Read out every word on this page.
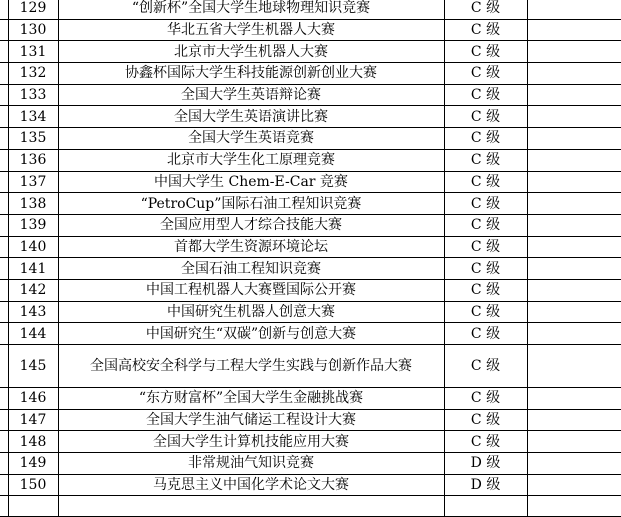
	129	“创新杯”全国大学生地球物理知识竞赛	C 级	
	130	华北五省大学生机器人大赛	C 级	
	131	北京市大学生机器人大赛	C 级	
	132	协鑫杯国际大学生科技能源创新创业大赛	C 级	
	133	全国大学生英语辩论赛	C 级	
	134	全国大学生英语演讲比赛	C 级	
	135	全国大学生英语竞赛	C 级	
	136	北京市大学生化工原理竞赛	C 级	
	137	中国大学生 Chem-E-Car 竞赛	C 级	
	138	“PetroCup”国际石油工程知识竞赛	C 级	
	139	全国应用型人才综合技能大赛	C 级	
	140	首都大学生资源环境论坛	C 级	
	141	全国石油工程知识竞赛	C 级	
	142	中国工程机器人大赛暨国际公开赛	C 级	
	143	中国研究生机器人创意大赛	C 级	
	144	中国研究生“双碳”创新与创意大赛	C 级	
	145	全国高校安全科学与工程大学生实践与创新作品大赛	C 级	
	146	“东方财富杯”全国大学生金融挑战赛	C 级	
	147	全国大学生油气储运工程设计大赛	C 级	
	148	全国大学生计算机技能应用大赛	C 级	
	149	非常规油气知识竞赛	D 级	
	150	马克思主义中国化学术论文大赛	D 级	
